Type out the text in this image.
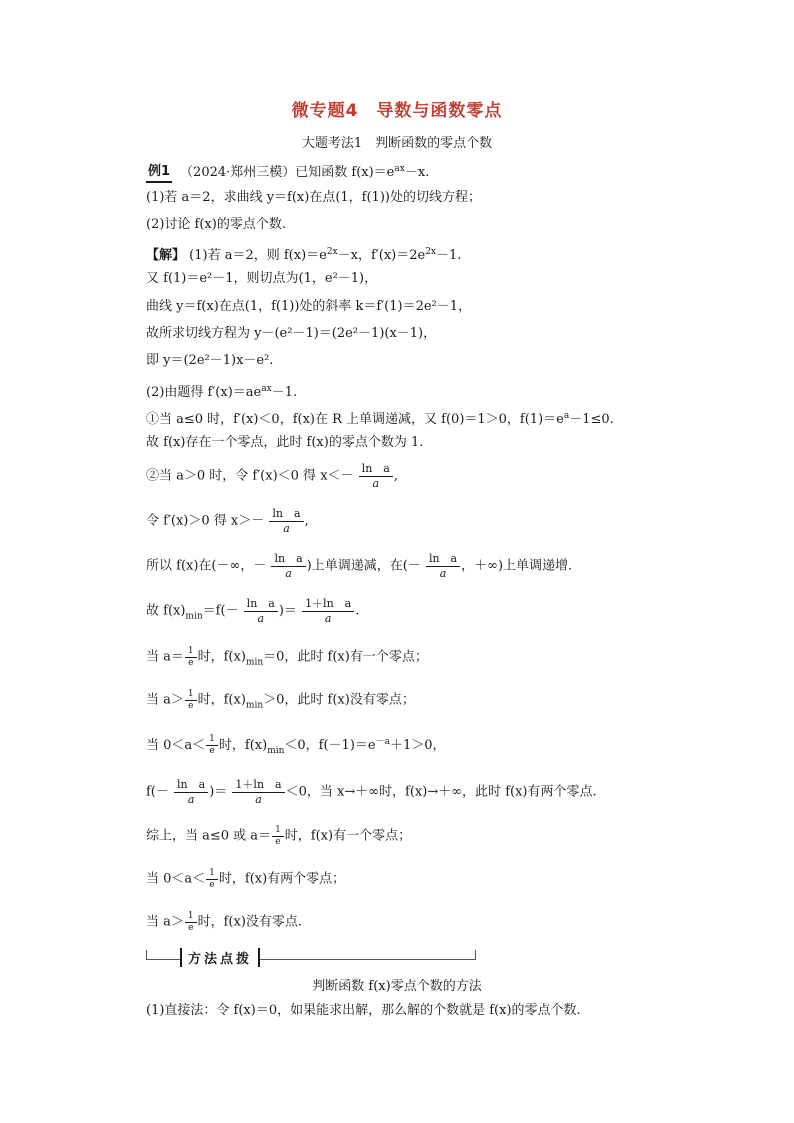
微专题4　导数与函数零点
大题考法1　判断函数的零点个数
例1 （2024·郑州三模）已知函数 $f(x)=e^{ax}-x$.
(1)若 a＝2，求曲线 y＝f(x)在点(1，f(1))处的切线方程；
(2)讨论 f(x)的零点个数.
【解】 (1)若 a＝2，则 $f(x)=e^{2x}-x$，$f'(x)=2e^{2x}-1$.
又 f(1)＝e²－1，则切点为(1，e²－1)，
曲线 y＝f(x)在点(1，f(1))处的斜率 k＝f′(1)＝2e²－1，
故所求切线方程为 y－(e²－1)＝(2e²－1)(x－1)，
即 y＝(2e²－1)x－e².
(2)由题得 $f'(x)=ae^{ax}-1$.
①当 a≤0 时，f′(x)＜0，f(x)在 R 上单调递减，又 f(0)＝1＞0，$f(1)=e^a-1\le 0$.
故 f(x)存在一个零点，此时 f(x)的零点个数为 1.
②当 a＞0 时，令 f′(x)＜0 得 $x<- \frac{\text{ln　a}}{a}$ ,
令 f′(x)＞0 得 $x>- \frac{\text{ln　a}}{a}$ ,
所以 f(x)在(－∞，－ $\frac{\text{ln　a}}{a}$ )上单调递减，在(－ $\frac{\text{ln　a}}{a}$ ，＋∞)上单调递增.
故 $f(x)_{min}=f(- \frac{\text{ln　a}}{a}$ )＝ $\frac{\text{1＋ln　a}}{a}$ .
当 $a= \frac{1}{e}$ 时，$f(x)_{min}=0$，此时 f(x)有一个零点；
当 $a> \frac{1}{e}$ 时，$f(x)_{min}>0$，此时 f(x)没有零点；
当 $0<a< \frac{1}{e}$ 时，$f(x)_{min}<0$，$f(-1)=e^{-a}+1>0$，
$f(- \frac{\text{ln　a}}{a}$ )＝ $\frac{\text{1＋ln　a}}{a} <0$，当 x→＋∞时，f(x)→＋∞，此时 f(x)有两个零点.
综上，当 a≤0 或 $a= \frac{1}{e}$ 时，f(x)有一个零点；
当 $0<a< \frac{1}{e}$ 时，f(x)有两个零点；
当 $a> \frac{1}{e}$ 时，f(x)没有零点.
方法点拨
判断函数 f(x)零点个数的方法
(1)直接法：令 f(x)＝0，如果能求出解，那么解的个数就是 f(x)的零点个数.
